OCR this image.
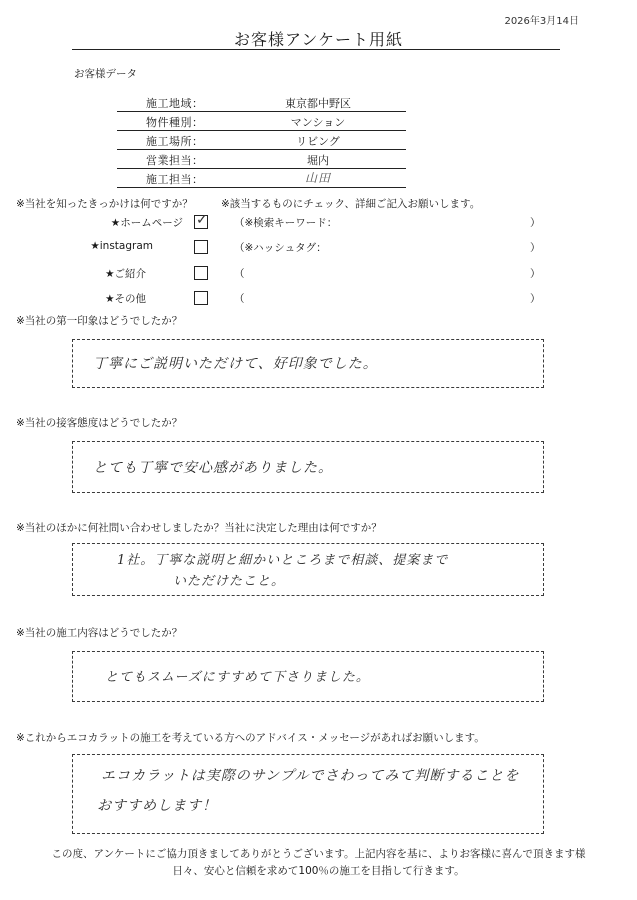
2026年3月14日
お客様アンケート用紙
お客様データ
施工地域：	東京都中野区
物件種別：	マンション
施工場所：	リビング
営業担当：	堀内
施工担当：	山田
※当社を知ったきっかけは何ですか？	※該当するものにチェック、詳細ご記入お願いします。
★ホームページ ✓	（※検索キーワード：	）
★instagram	（※ハッシュタグ：	）
★ご紹介	（	）
★その他	（	）
※当社の第一印象はどうでしたか？
丁寧にご説明いただけて、好印象でした。
※当社の接客態度はどうでしたか？
とても丁寧で安心感がありました。
※当社のほかに何社問い合わせしましたか？当社に決定した理由は何ですか？
1社。丁寧な説明と細かいところまで相談、提案まで
いただけたこと。
※当社の施工内容はどうでしたか？
とてもスムーズにすすめて下さりました。
※これからエコカラットの施工を考えている方へのアドバイス・メッセージがあればお願いします。
エコカラットは実際のサンプルでさわってみて判断することを
おすすめします！
この度、アンケートにご協力頂きましてありがとうございます。上記内容を基に、よりお客様に喜んで頂きます様
日々、安心と信頼を求めて100％の施工を目指して行きます。
